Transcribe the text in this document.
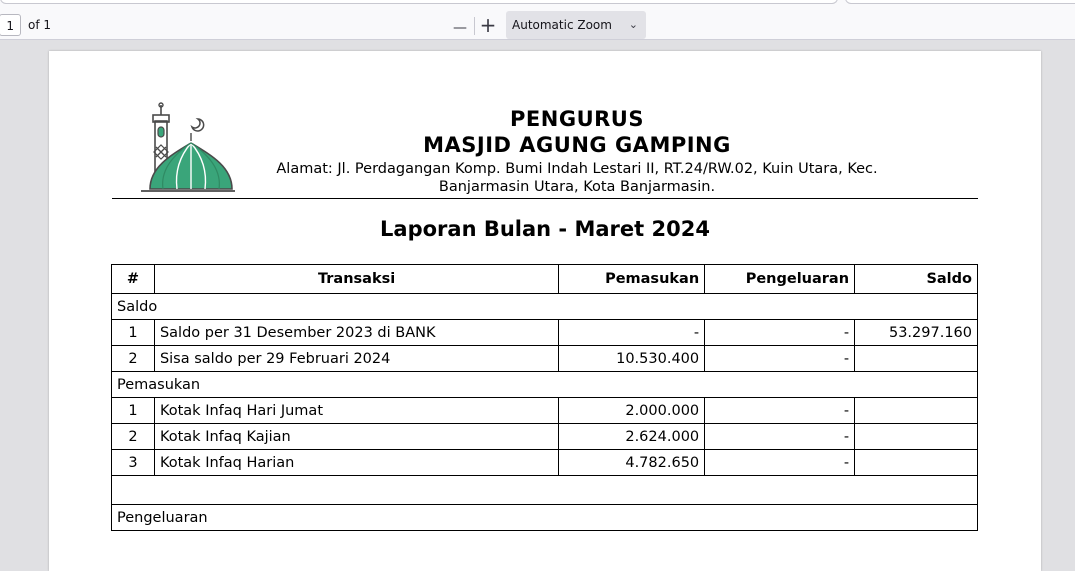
1	of 1	— +	Automatic Zoom ⌄
PENGURUS
MASJID AGUNG GAMPING
Alamat: Jl. Perdagangan Komp. Bumi Indah Lestari II, RT.24/RW.02, Kuin Utara, Kec.
Banjarmasin Utara, Kota Banjarmasin.
Laporan Bulan - Maret 2024
#	Transaksi	Pemasukan	Pengeluaran	Saldo
Saldo				
1	Saldo per 31 Desember 2023 di BANK	-	-	53.297.160
2	Sisa saldo per 29 Februari 2024	10.530.400	-	
Pemasukan				
1	Kotak Infaq Hari Jumat	2.000.000	-	
2	Kotak Infaq Kajian	2.624.000	-	
3	Kotak Infaq Harian	4.782.650	-	

Pengeluaran				
